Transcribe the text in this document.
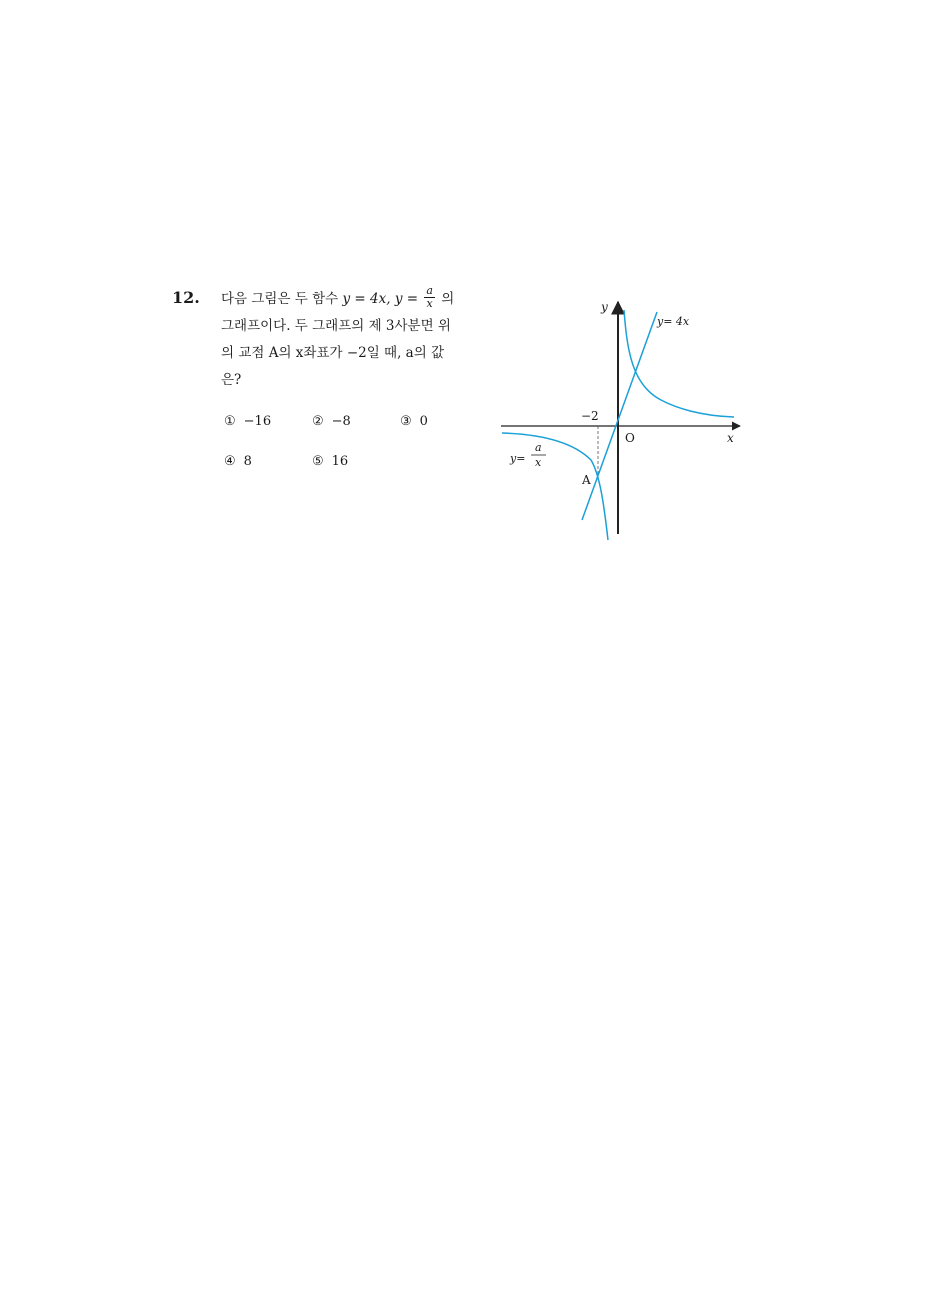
12. 다음 그림은 두 함수 y = 4x, $y = \frac{a}{x}$ 의
그래프이다. 두 그래프의 제 3사분면 위
의 교점 A의 x좌표가 −2일 때, a의 값
은?
① −16	② −8	③ 0
④ 8	⑤ 16
y
x
O
−2
y= 4x
y=
a
x
A
